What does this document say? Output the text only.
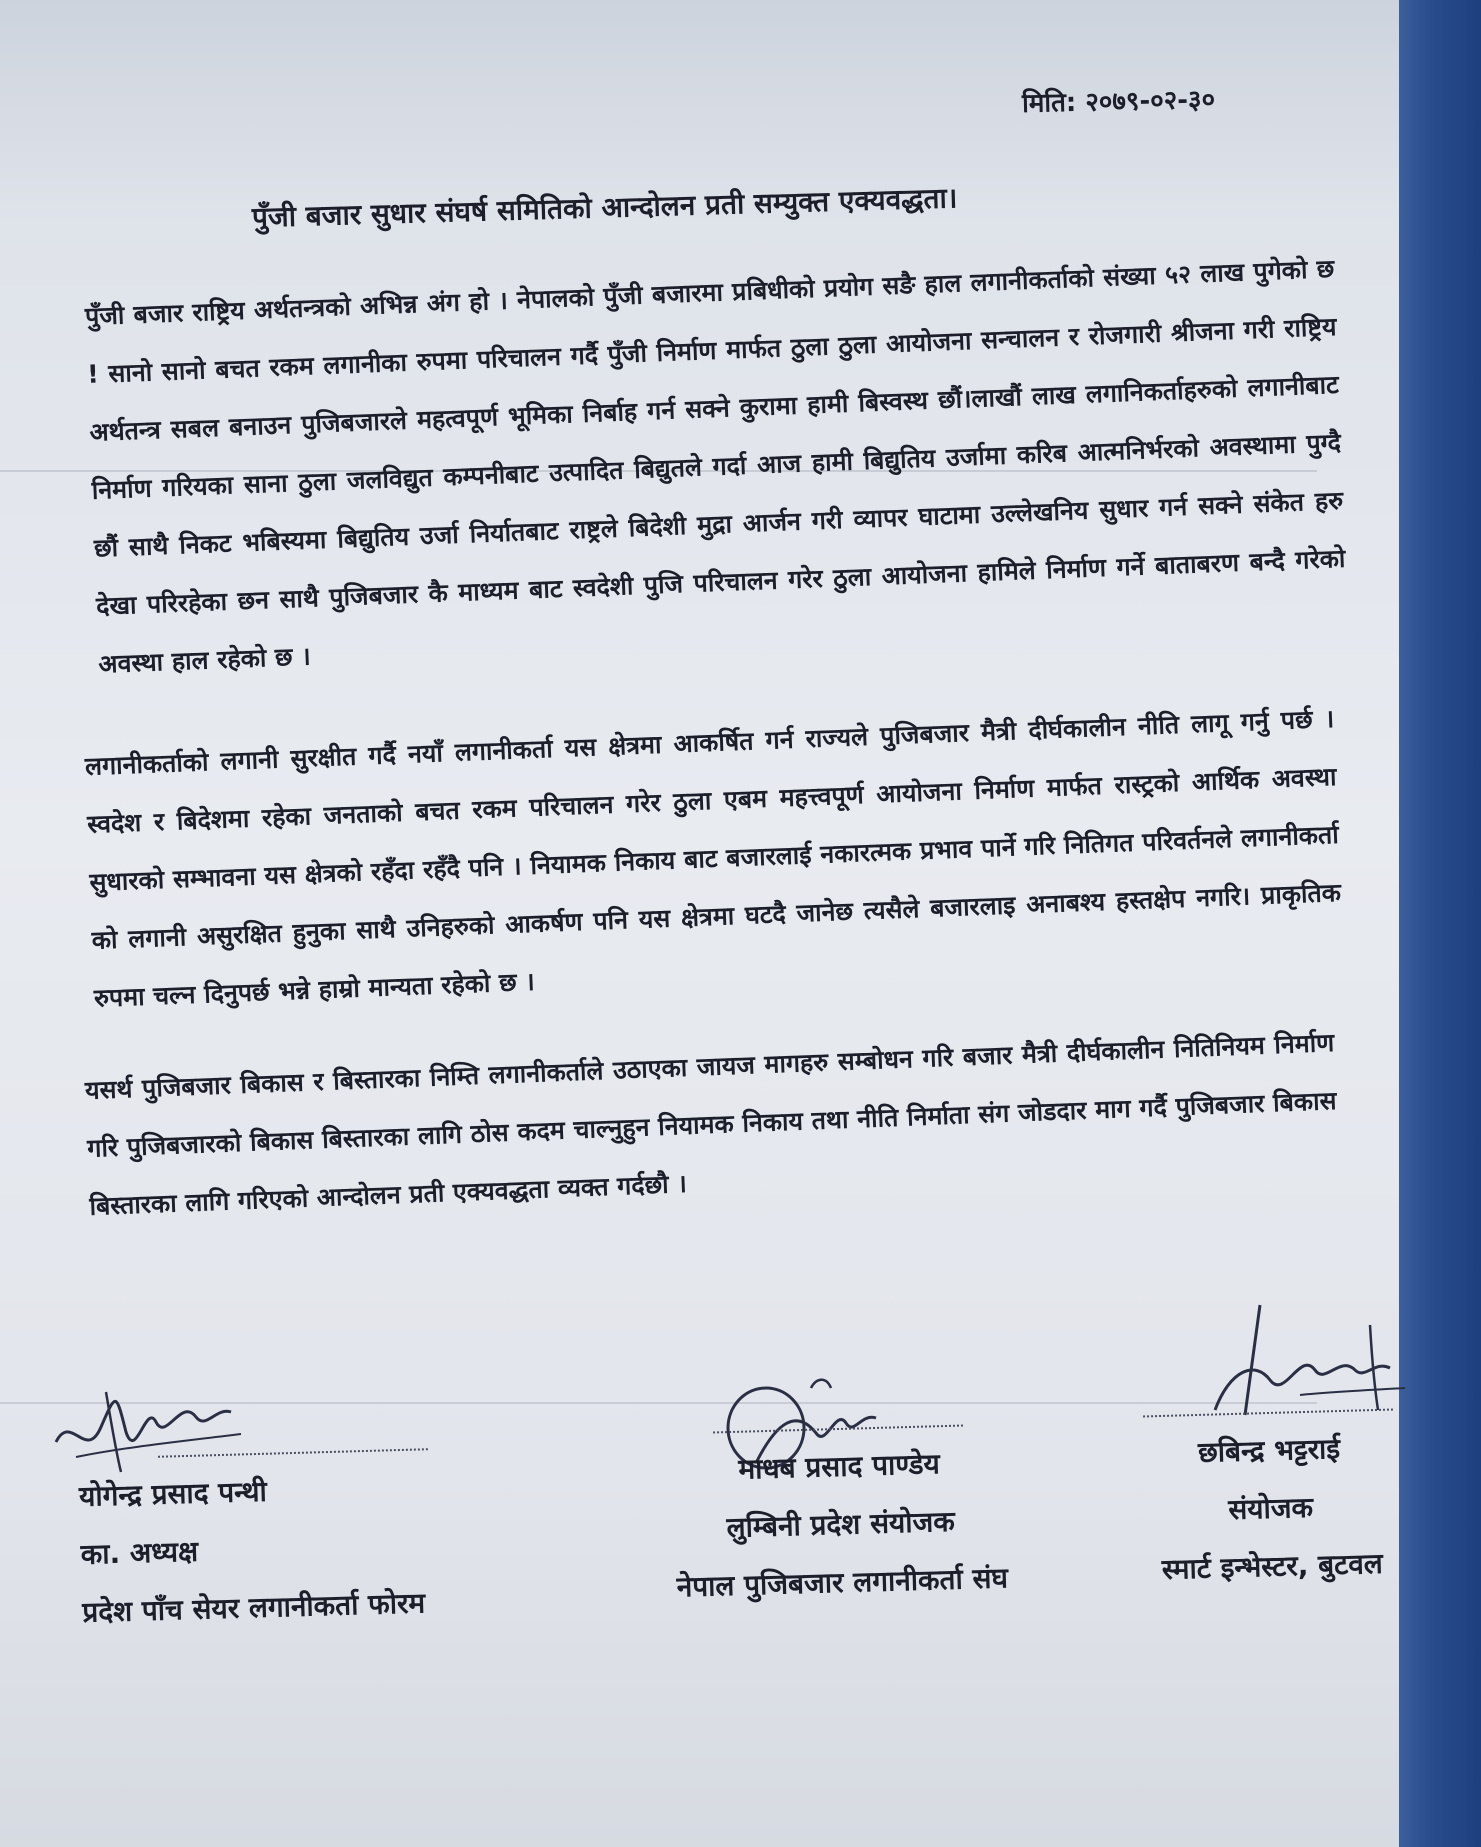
मिति: २०७९-०२-३०
पुँजी बजार सुधार संघर्ष समितिको आन्दोलन प्रती सम्युक्त एक्यवद्धता।

पुँजी बजार राष्ट्रिय अर्थतन्त्रको अभिन्न अंग हो । नेपालको पुँजी बजारमा प्रबिधीको प्रयोग सङै हाल लगानीकर्ताको संख्या ५२ लाख पुगेको छ ! सानो सानो बचत रकम लगानीका रुपमा परिचालन गर्दै पुँजी निर्माण मार्फत ठुला ठुला आयोजना सन्चालन र रोजगारी श्रीजना गरी राष्ट्रिय अर्थतन्त्र सबल बनाउन पुजिबजारले महत्वपूर्ण भूमिका निर्बाह गर्न सक्ने कुरामा हामी बिस्वस्थ छौं।लाखौं लाख लगानिकर्ताहरुको लगानीबाट निर्माण गरियका साना ठुला जलविद्युत कम्पनीबाट उत्पादित बिद्युतले गर्दा आज हामी बिद्युतिय उर्जामा करिब आत्मनिर्भरको अवस्थामा पुग्दै छौं साथै निकट भबिस्यमा बिद्युतिय उर्जा निर्यातबाट राष्ट्रले बिदेशी मुद्रा आर्जन गरी व्यापर घाटामा उल्लेखनिय सुधार गर्न सक्ने संकेत हरु देखा परिरहेका छन साथै पुजिबजार कै माध्यम बाट स्वदेशी पुजि परिचालन गरेर ठुला आयोजना हामिले निर्माण गर्ने बाताबरण बन्दै गरेको अवस्था हाल रहेको छ ।

लगानीकर्ताको लगानी सुरक्षीत गर्दै नयाँ लगानीकर्ता यस क्षेत्रमा आकर्षित गर्न राज्यले पुजिबजार मैत्री दीर्घकालीन नीति लागू गर्नु पर्छ । स्वदेश र बिदेशमा रहेका जनताको बचत रकम परिचालन गरेर ठुला एबम महत्त्वपूर्ण आयोजना निर्माण मार्फत रास्ट्रको आर्थिक अवस्था सुधारको सम्भावना यस क्षेत्रको रहँदा रहँदै पनि । नियामक निकाय बाट बजारलाई नकारत्मक प्रभाव पार्ने गरि नितिगत परिवर्तनले लगानीकर्ता को लगानी असुरक्षित हुनुका साथै उनिहरुको आकर्षण पनि यस क्षेत्रमा घटदै जानेछ त्यसैले बजारलाइ अनाबश्य हस्तक्षेप नगरि। प्राकृतिक रुपमा चल्न दिनुपर्छ भन्ने हाम्रो मान्यता रहेको छ ।

यसर्थ पुजिबजार बिकास र बिस्तारका निम्ति लगानीकर्ताले उठाएका जायज मागहरु सम्बोधन गरि बजार मैत्री दीर्घकालीन नितिनियम निर्माण गरि पुजिबजारको बिकास बिस्तारका लागि ठोस कदम चाल्नुहुन नियामक निकाय तथा नीति निर्माता संग जोडदार माग गर्दै पुजिबजार बिकास बिस्तारका लागि गरिएको आन्दोलन प्रती एक्यवद्धता व्यक्त गर्दछौ ।

योगेन्द्र प्रसाद पन्थी
का. अध्यक्ष
प्रदेश पाँच सेयर लगानीकर्ता फोरम
माधब प्रसाद पाण्डेय
लुम्बिनी प्रदेश संयोजक
नेपाल पुजिबजार लगानीकर्ता संघ
छबिन्द्र भट्टराई
संयोजक
स्मार्ट इन्भेस्टर, बुटवल
